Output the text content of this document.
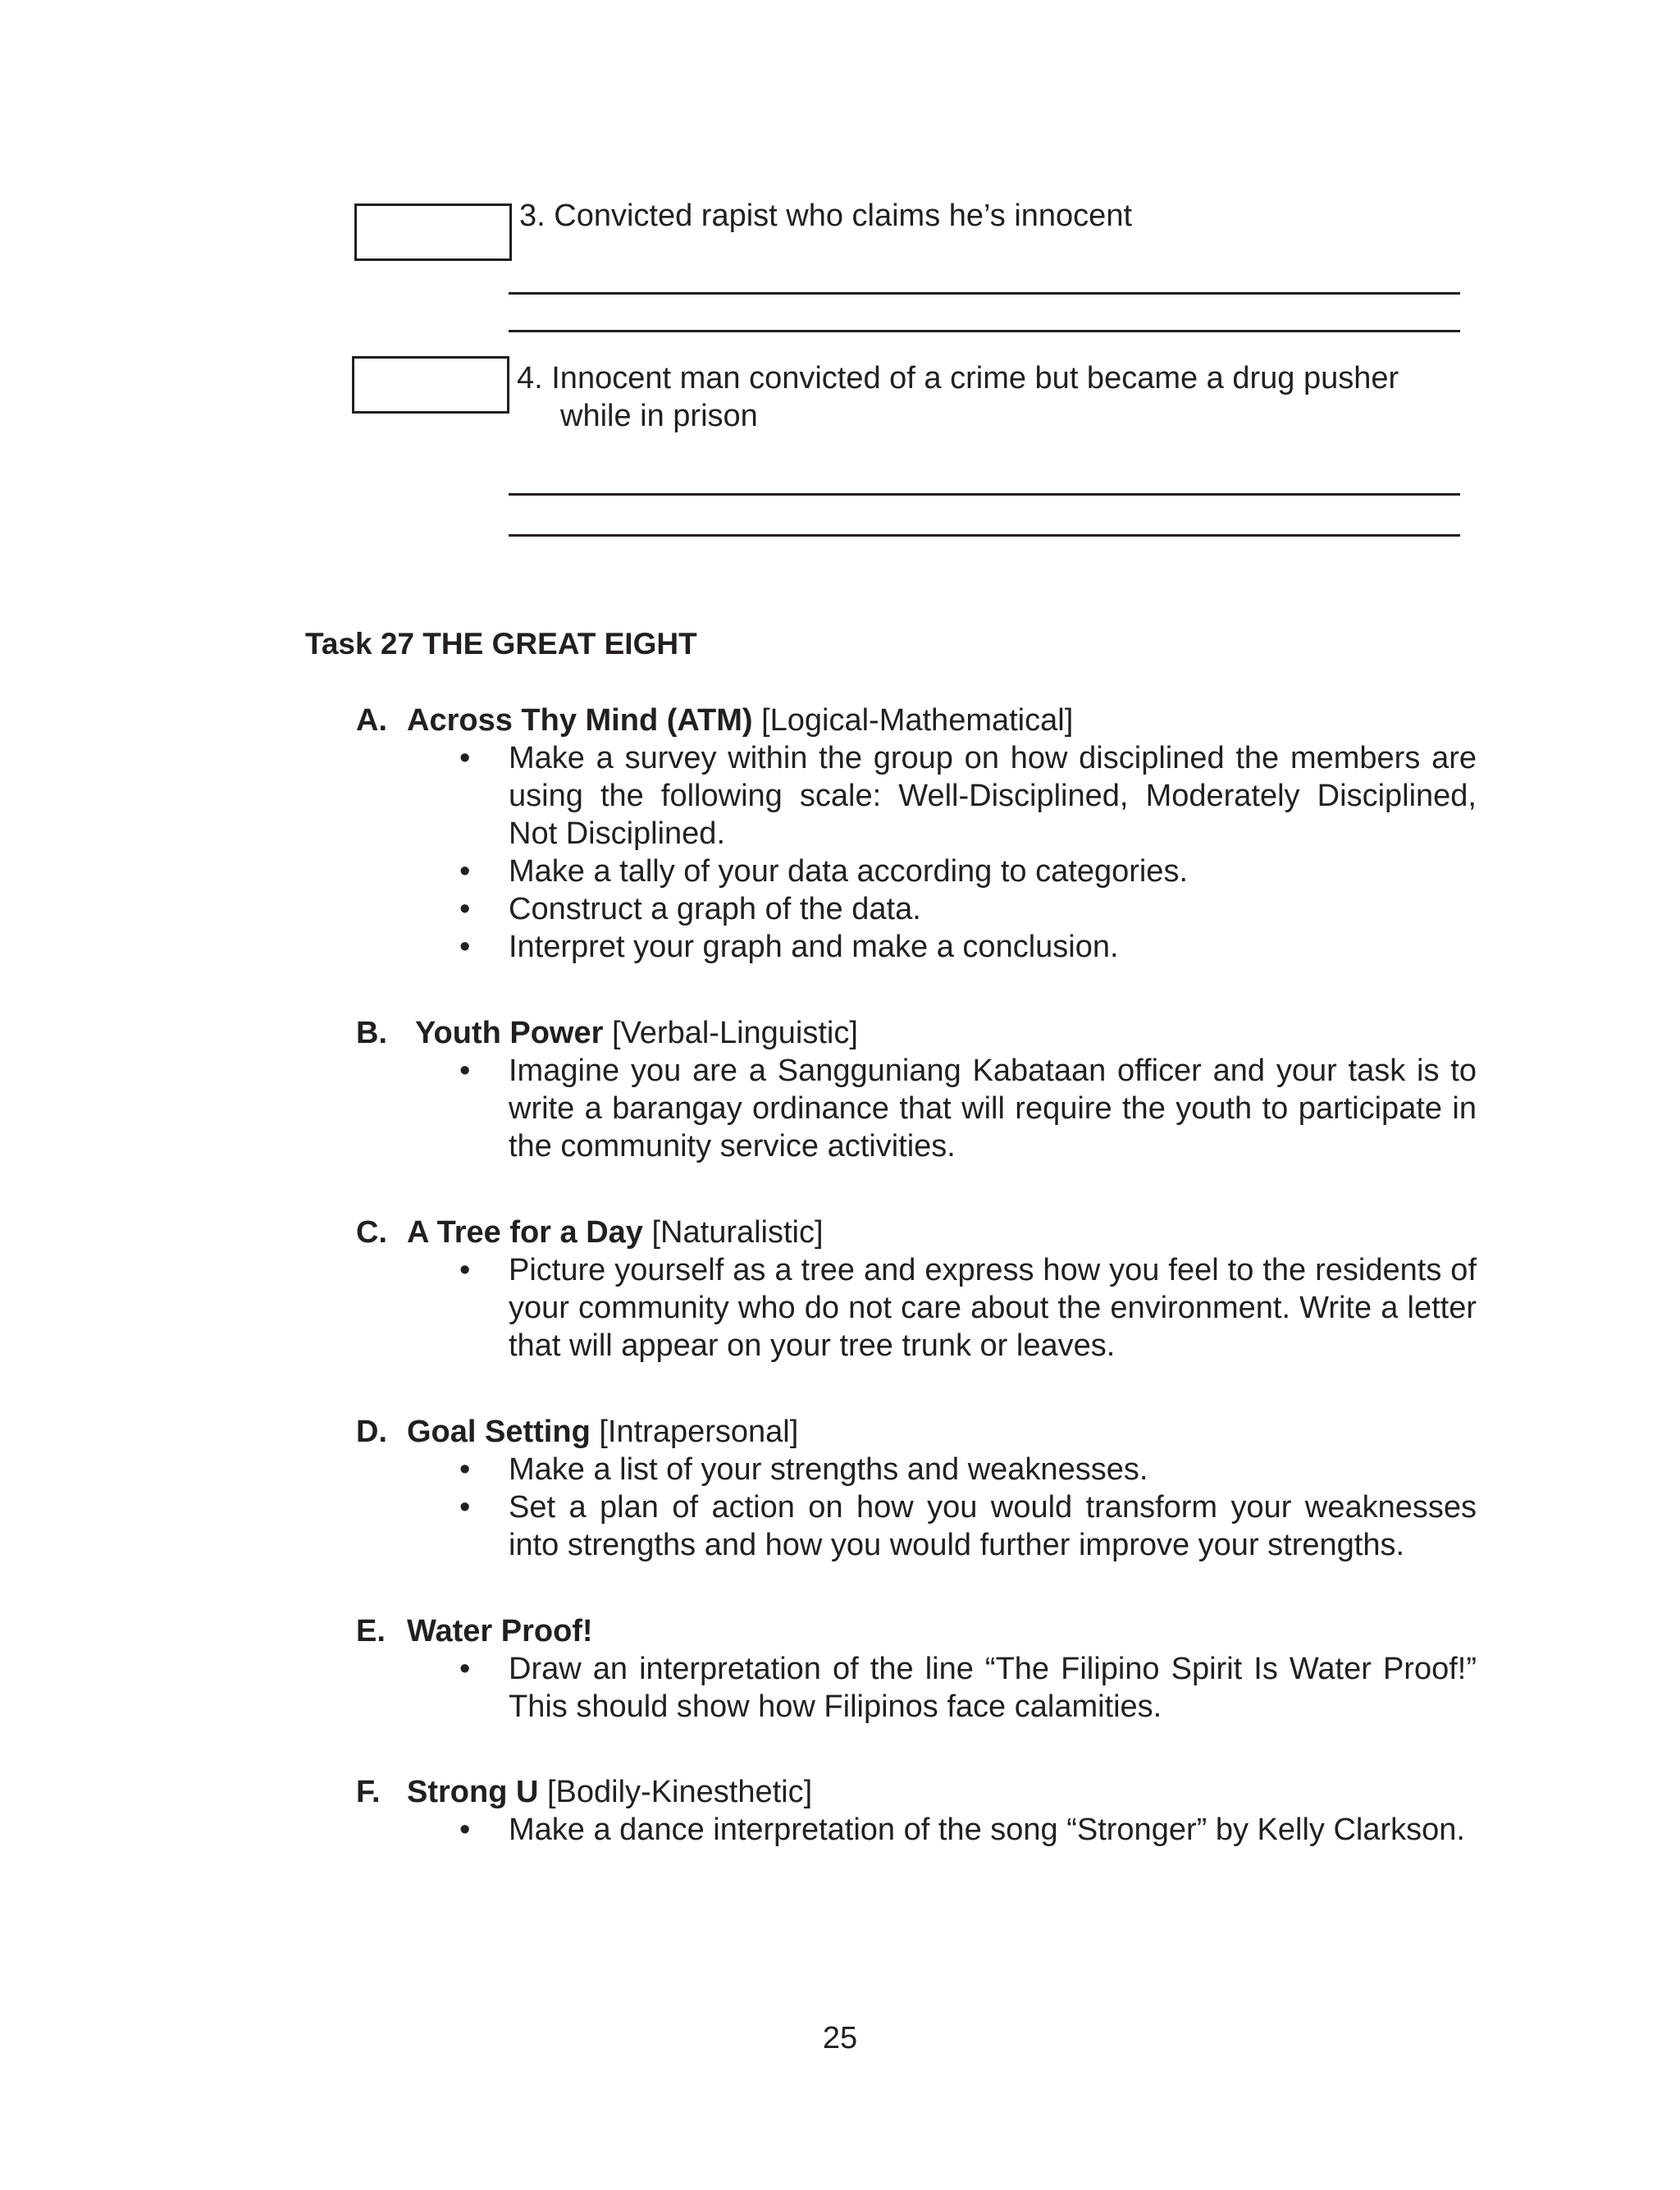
3. Convicted rapist who claims he’s innocent
4. Innocent man convicted of a crime but became a drug pusher
while in prison
Task 27 THE GREAT EIGHT
A. Across Thy Mind (ATM) [Logical-Mathematical]
• Make a survey within the group on how disciplined the members are using the following scale: Well-Disciplined, Moderately Disciplined, Not Disciplined.
• Make a tally of your data according to categories.
• Construct a graph of the data.
• Interpret your graph and make a conclusion.
B. Youth Power [Verbal-Linguistic]
• Imagine you are a Sangguniang Kabataan officer and your task is to write a barangay ordinance that will require the youth to participate in the community service activities.
C. A Tree for a Day [Naturalistic]
• Picture yourself as a tree and express how you feel to the residents of your community who do not care about the environment. Write a letter that will appear on your tree trunk or leaves.
D. Goal Setting [Intrapersonal]
• Make a list of your strengths and weaknesses.
• Set a plan of action on how you would transform your weaknesses into strengths and how you would further improve your strengths.
E. Water Proof!
• Draw an interpretation of the line “The Filipino Spirit Is Water Proof!” This should show how Filipinos face calamities.
F. Strong U [Bodily-Kinesthetic]
• Make a dance interpretation of the song “Stronger” by Kelly Clarkson.
25
